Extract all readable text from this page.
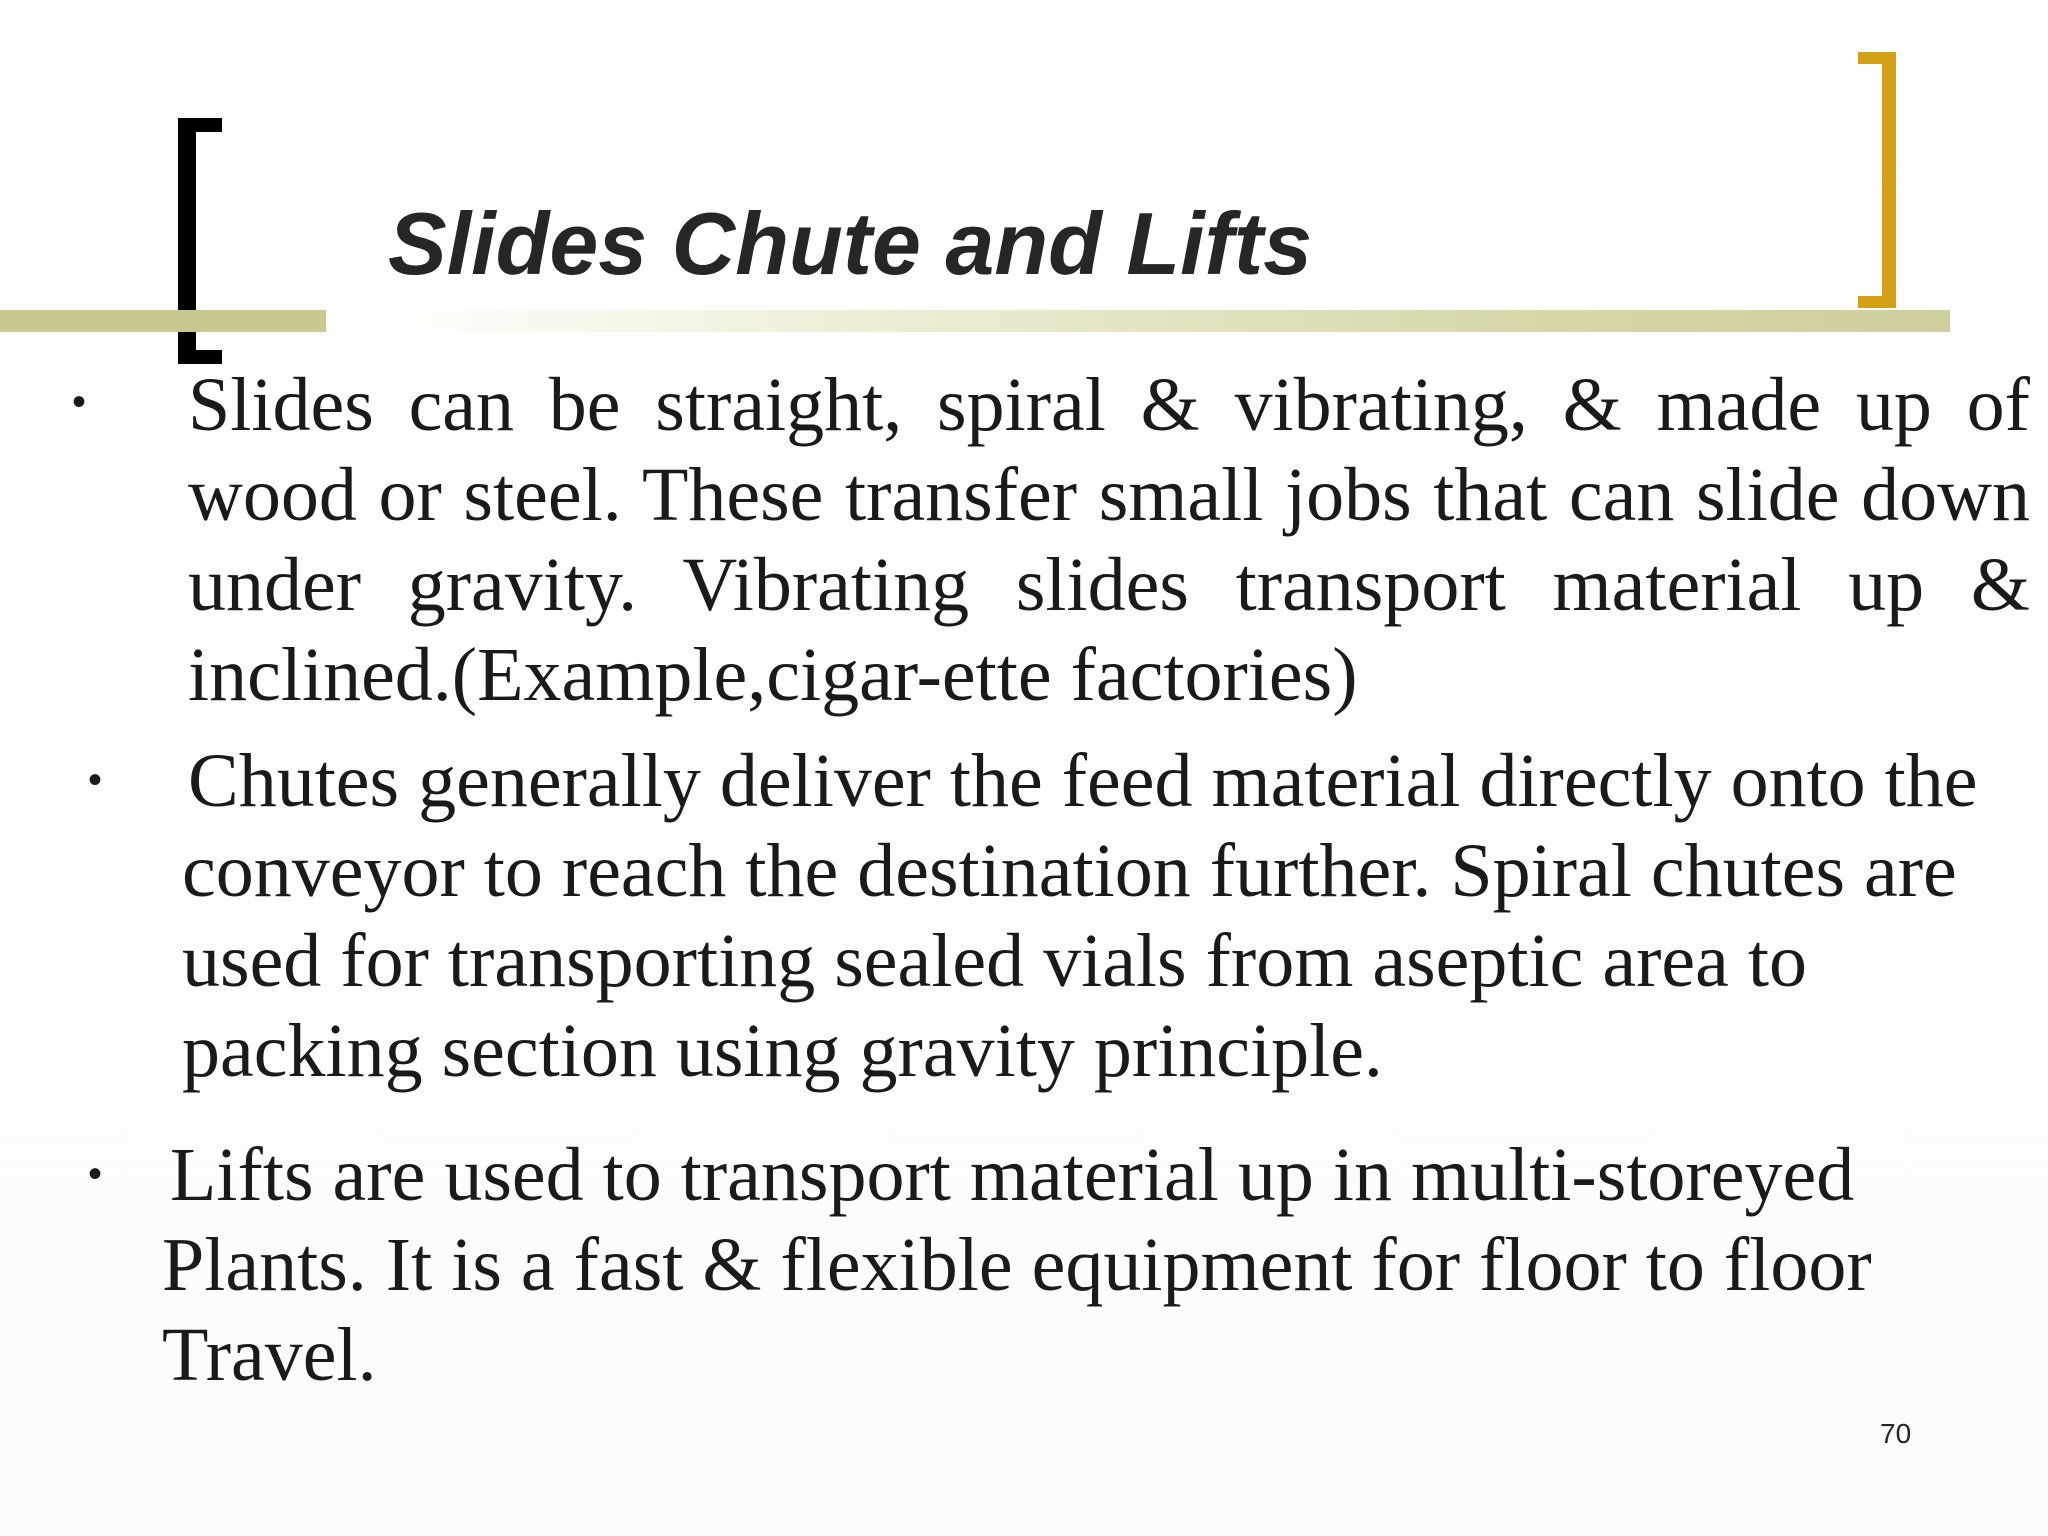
Slides Chute and Lifts
• Slides can be straight, spiral & vibrating, & made up of wood or steel. These transfer small jobs that can slide down under gravity. Vibrating slides transport material up & inclined.(Example,cigar-ette factories)
• Chutes generally deliver the feed material directly onto the conveyor to reach the destination further. Spiral chutes are used for transporting sealed vials from aseptic area to packing section using gravity principle.
• Lifts are used to transport material up in multi-storeyed Plants. It is a fast & flexible equipment for floor to floor Travel.
70
